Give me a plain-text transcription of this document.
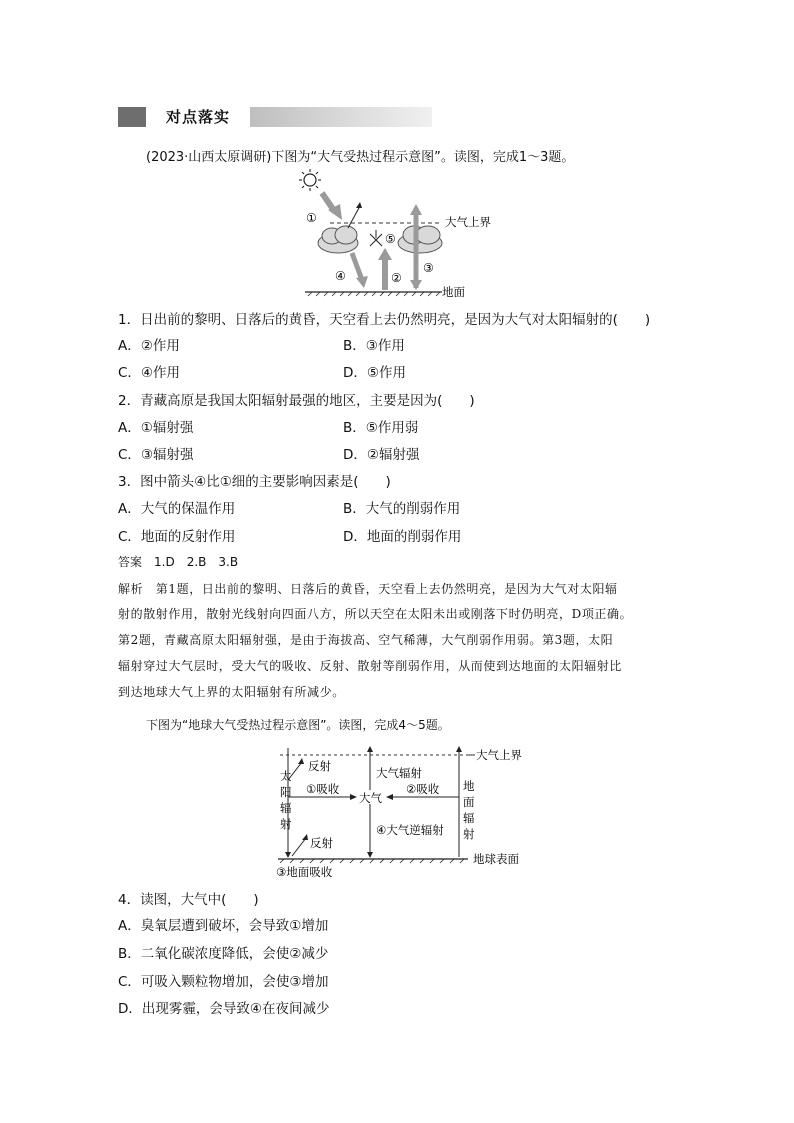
对点落实
(2023·山西太原调研)下图为“大气受热过程示意图”。读图，完成1～3题。
①
⑤
④	②
③
大气上界
地面
1．日出前的黎明、日落后的黄昏，天空看上去仍然明亮，是因为大气对太阳辐射的(　　)
A．②作用	B．③作用
C．④作用	D．⑤作用
2．青藏高原是我国太阳辐射最强的地区，主要是因为(　　)
A．①辐射强	B．⑤作用弱
C．③辐射强	D．②辐射强
3．图中箭头④比①细的主要影响因素是(　　)
A．大气的保温作用	B．大气的削弱作用
C．地面的反射作用	D．地面的削弱作用
答案　1.D　2.B　3.B
解析　第1题，日出前的黎明、日落后的黄昏，天空看上去仍然明亮，是因为大气对太阳辐
射的散射作用，散射光线射向四面八方，所以天空在太阳未出或刚落下时仍明亮，D项正确。
第2题，青藏高原太阳辐射强，是由于海拔高、空气稀薄，大气削弱作用弱。第3题，太阳
辐射穿过大气层时，受大气的吸收、反射、散射等削弱作用，从而使到达地面的太阳辐射比
到达地球大气上界的太阳辐射有所减少。
下图为“地球大气受热过程示意图”。读图，完成4～5题。
大气上界
太
阳
辐
射
地
面
辐
射
反射
①吸收
大气
②吸收
大气辐射
④大气逆辐射
反射
地球表面
③地面吸收
4．读图，大气中(　　)
A．臭氧层遭到破坏，会导致①增加
B．二氧化碳浓度降低，会使②减少
C．可吸入颗粒物增加，会使③增加
D．出现雾霾，会导致④在夜间减少
